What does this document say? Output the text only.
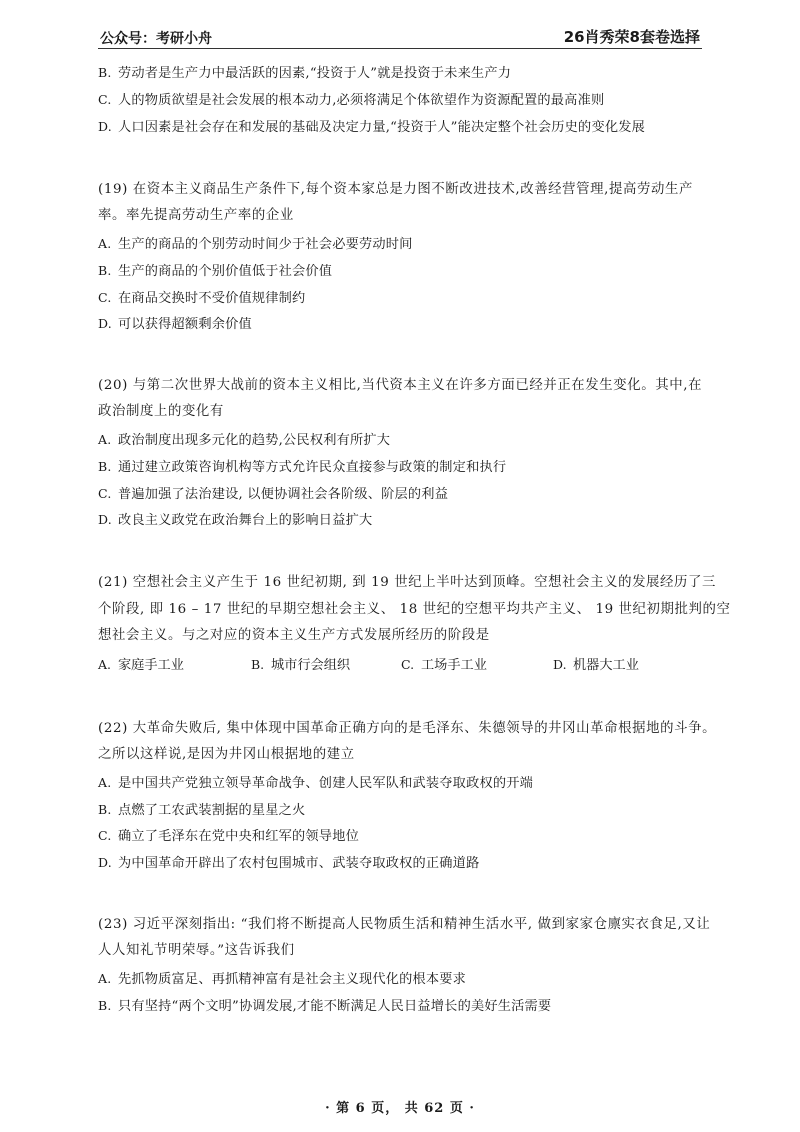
公众号：考研小舟	26肖秀荣8套卷选择
B. 劳动者是生产力中最活跃的因素,“投资于人”就是投资于未来生产力
C. 人的物质欲望是社会发展的根本动力,必须将满足个体欲望作为资源配置的最高准则
D. 人口因素是社会存在和发展的基础及决定力量,“投资于人”能决定整个社会历史的变化发展
(19) 在资本主义商品生产条件下,每个资本家总是力图不断改进技术,改善经营管理,提高劳动生产
率。率先提高劳动生产率的企业
A. 生产的商品的个别劳动时间少于社会必要劳动时间
B. 生产的商品的个别价值低于社会价值
C. 在商品交换时不受价值规律制约
D. 可以获得超额剩余价值
(20) 与第二次世界大战前的资本主义相比,当代资本主义在许多方面已经并正在发生变化。其中,在
政治制度上的变化有
A. 政治制度出现多元化的趋势,公民权利有所扩大
B. 通过建立政策咨询机构等方式允许民众直接参与政策的制定和执行
C. 普遍加强了法治建设, 以便协调社会各阶级、阶层的利益
D. 改良主义政党在政治舞台上的影响日益扩大
(21) 空想社会主义产生于 16 世纪初期, 到 19 世纪上半叶达到顶峰。空想社会主义的发展经历了三
个阶段, 即 16 – 17 世纪的早期空想社会主义、 18 世纪的空想平均共产主义、 19 世纪初期批判的空
想社会主义。与之对应的资本主义生产方式发展所经历的阶段是
A. 家庭手工业	B. 城市行会组织	C. 工场手工业	D. 机器大工业
(22) 大革命失败后, 集中体现中国革命正确方向的是毛泽东、朱德领导的井冈山革命根据地的斗争。
之所以这样说,是因为井冈山根据地的建立
A. 是中国共产党独立领导革命战争、创建人民军队和武装夺取政权的开端
B. 点燃了工农武装割据的星星之火
C. 确立了毛泽东在党中央和红军的领导地位
D. 为中国革命开辟出了农村包围城市、武装夺取政权的正确道路
(23) 习近平深刻指出: “我们将不断提高人民物质生活和精神生活水平, 做到家家仓廪实衣食足,又让
人人知礼节明荣辱。”这告诉我们
A. 先抓物质富足、再抓精神富有是社会主义现代化的根本要求
B. 只有坚持“两个文明”协调发展,才能不断满足人民日益增长的美好生活需要
· 第 6 页， 共 62 页 ·
